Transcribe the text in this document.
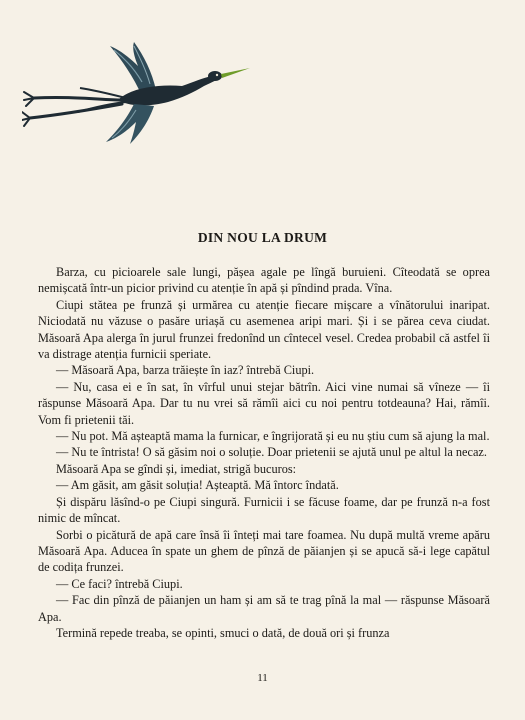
DIN NOU LA DRUM

Barza, cu picioarele sale lungi, pășea agale pe lîngă buruieni. Cîteodată se oprea nemișcată într-un picior privind cu atenție în apă și pîndind prada. Vîna.

Ciupi stătea pe frunză și urmărea cu atenție fiecare mișcare a vînătorului inaripat. Niciodată nu văzuse o pasăre uriașă cu asemenea aripi mari. Și i se părea ceva ciudat. Măsoară Apa alerga în jurul frunzei fredonînd un cîntecel vesel. Credea probabil că astfel îi va distrage atenția furnicii speriate.

— Măsoară Apa, barza trăiește în iaz? întrebă Ciupi.

— Nu, casa ei e în sat, în vîrful unui stejar bătrîn. Aici vine numai să vîneze — îi răspunse Măsoară Apa. Dar tu nu vrei să rămîi aici cu noi pentru totdeauna? Hai, rămîi. Vom fi prietenii tăi.

— Nu pot. Mă așteaptă mama la furnicar, e îngrijorată și eu nu știu cum să ajung la mal.

— Nu te întrista! O să găsim noi o soluție. Doar prietenii se ajută unul pe altul la necaz.

Măsoară Apa se gîndi și, imediat, strigă bucuros:

— Am găsit, am găsit soluția! Așteaptă. Mă întorc îndată.

Și dispăru lăsînd-o pe Ciupi singură. Furnicii i se făcuse foame, dar pe frunză n-a fost nimic de mîncat.

Sorbi o picătură de apă care însă îi înteți mai tare foamea. Nu după multă vreme apăru Măsoară Apa. Aducea în spate un ghem de pînză de păianjen și se apucă să-i lege capătul de codița frunzei.

— Ce faci? întrebă Ciupi.

— Fac din pînză de păianjen un ham și am să te trag pînă la mal — răspunse Măsoară Apa.

Termină repede treaba, se opinti, smuci o dată, de două ori și frunza

11
